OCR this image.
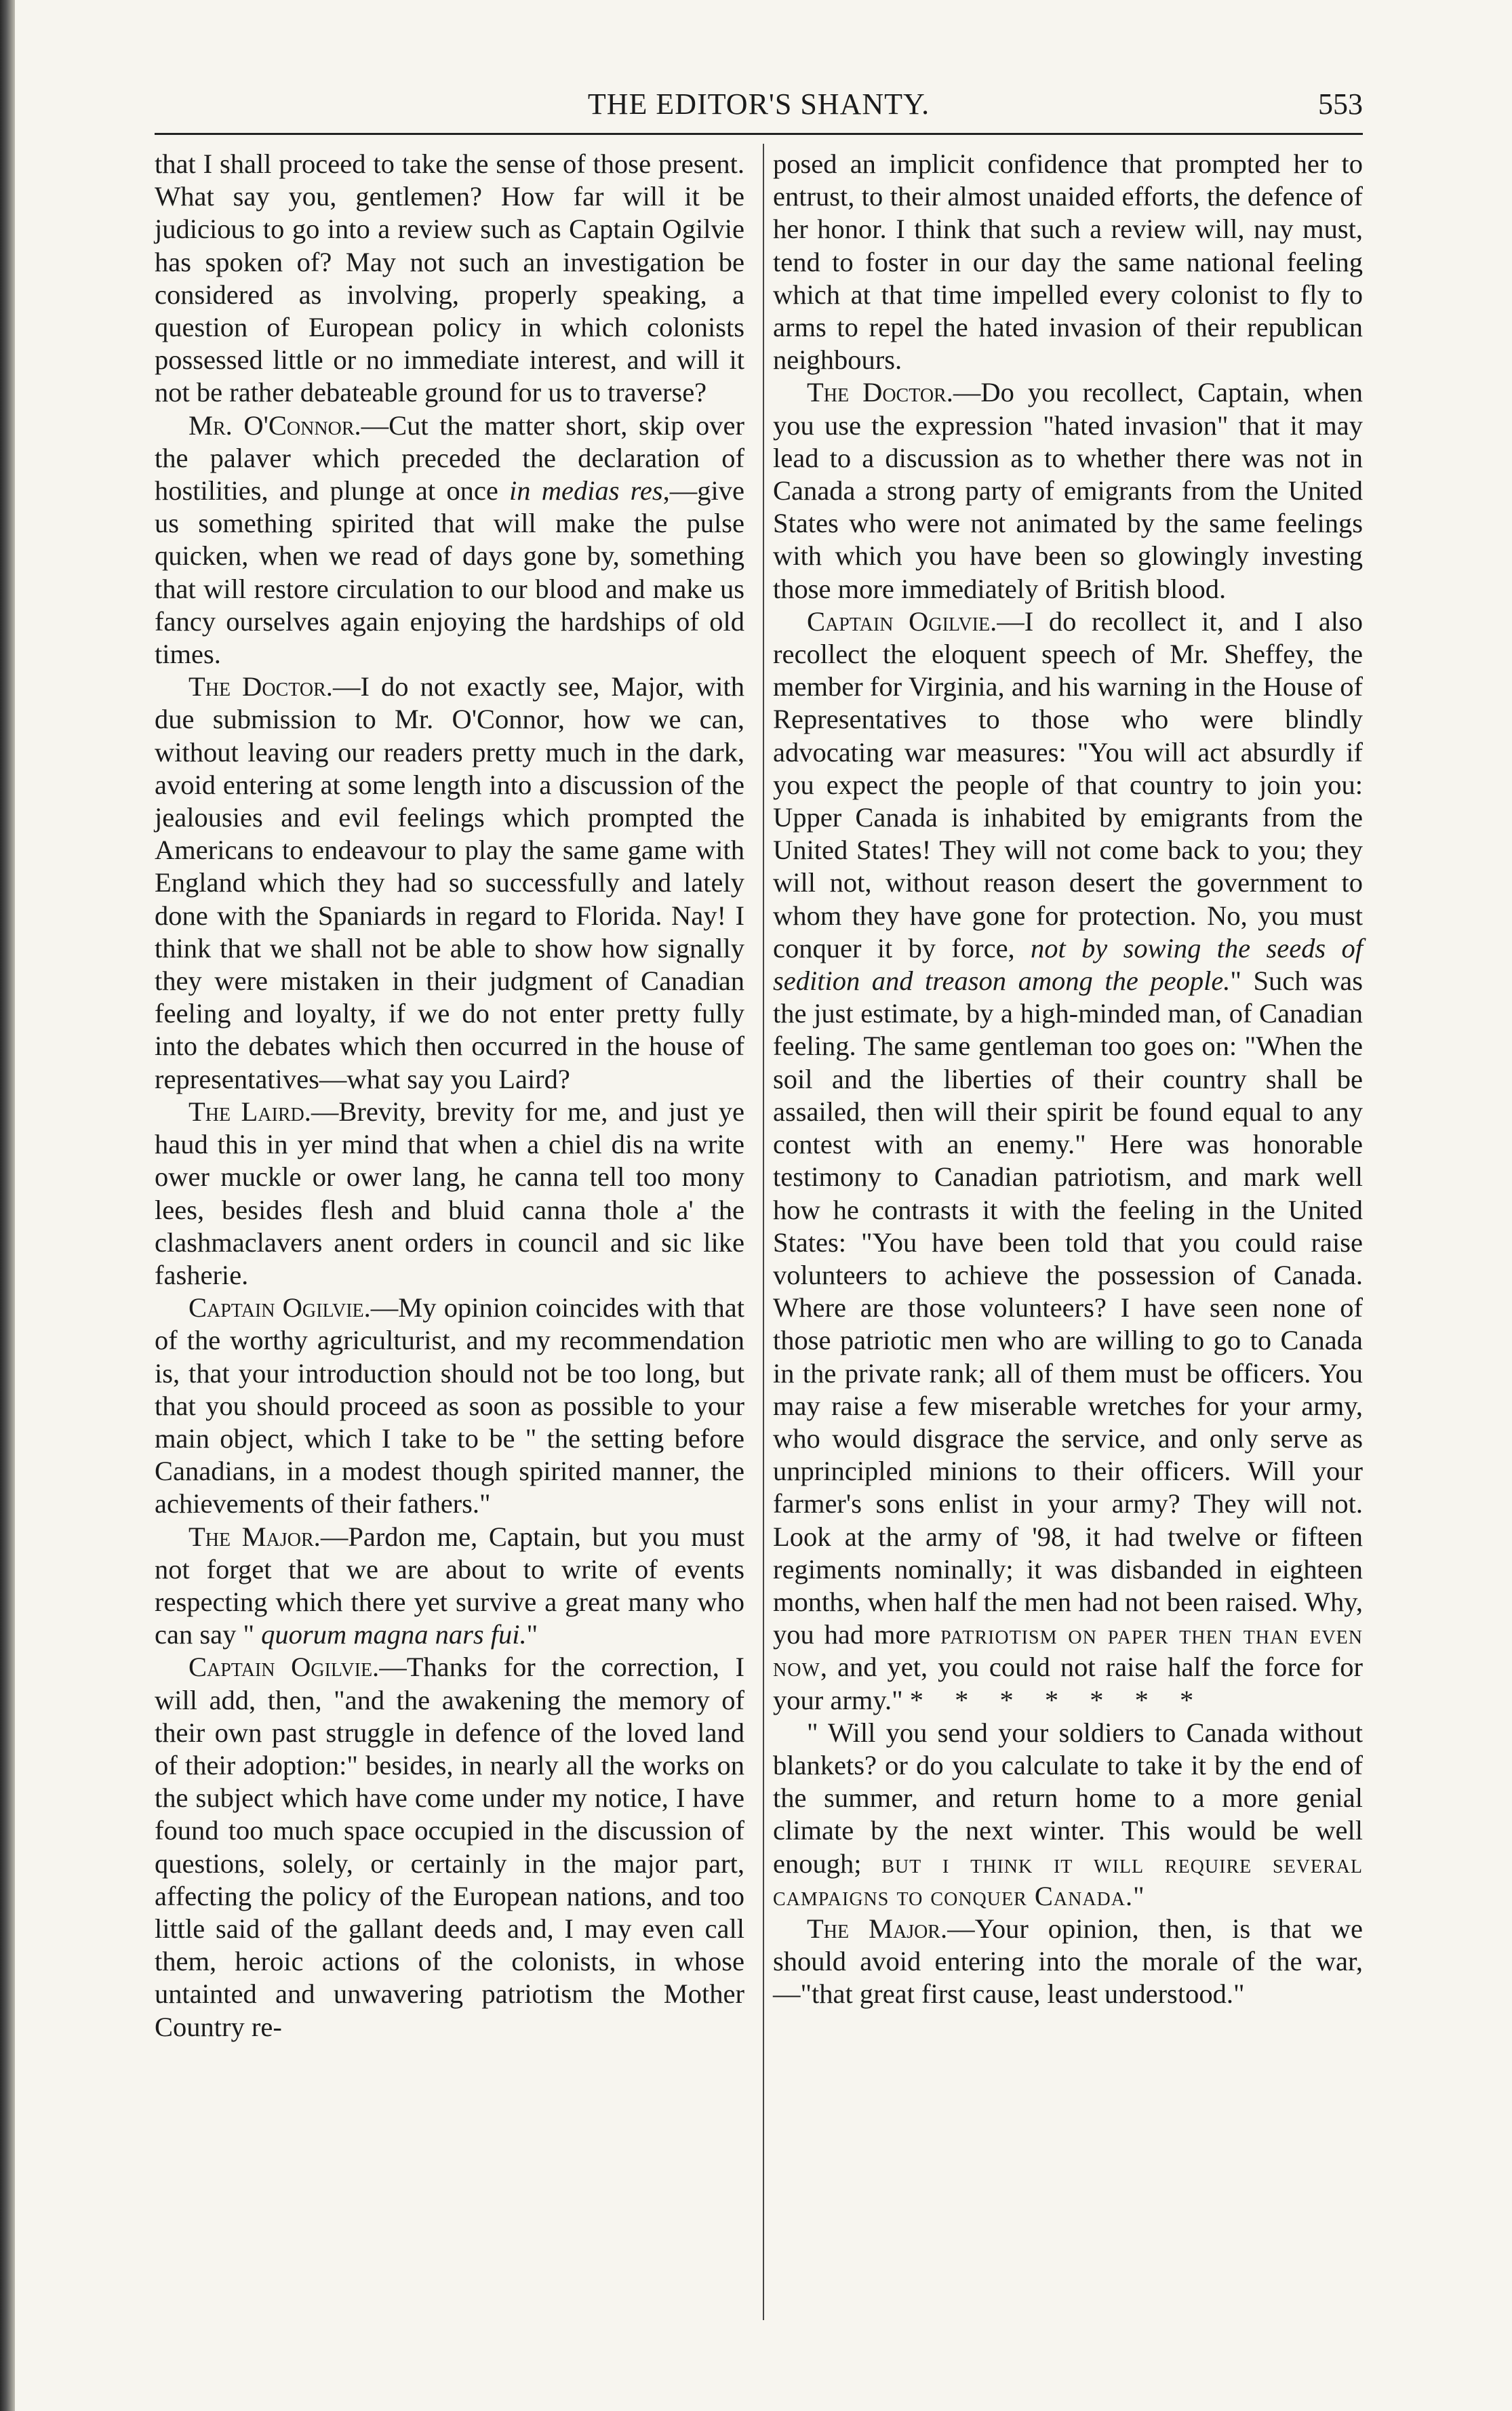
THE EDITOR'S SHANTY.	553

that I shall proceed to take the sense of those present. What say you, gentlemen? How far will it be judicious to go into a review such as Captain Ogilvie has spoken of? May not such an investigation be considered as involving, properly speaking, a question of European policy in which colonists possessed little or no immediate interest, and will it not be rather debateable ground for us to traverse?

Mr. O'Connor.—Cut the matter short, skip over the palaver which preceded the declaration of hostilities, and plunge at once in medias res,—give us something spirited that will make the pulse quicken, when we read of days gone by, something that will restore circulation to our blood and make us fancy ourselves again enjoying the hardships of old times.

The Doctor.—I do not exactly see, Major, with due submission to Mr. O'Connor, how we can, without leaving our readers pretty much in the dark, avoid entering at some length into a discussion of the jealousies and evil feelings which prompted the Americans to endeavour to play the same game with England which they had so successfully and lately done with the Spaniards in regard to Florida. Nay! I think that we shall not be able to show how signally they were mistaken in their judgment of Canadian feeling and loyalty, if we do not enter pretty fully into the debates which then occurred in the house of representatives—what say you Laird?

The Laird.—Brevity, brevity for me, and just ye haud this in yer mind that when a chiel dis na write ower muckle or ower lang, he canna tell too mony lees, besides flesh and bluid canna thole a' the clashmaclavers anent orders in council and sic like fasherie.

Captain Ogilvie.—My opinion coincides with that of the worthy agriculturist, and my recommendation is, that your introduction should not be too long, but that you should proceed as soon as possible to your main object, which I take to be " the setting before Canadians, in a modest though spirited manner, the achievements of their fathers."

The Major.—Pardon me, Captain, but you must not forget that we are about to write of events respecting which there yet survive a great many who can say " quorum magna nars fui."

Captain Ogilvie.—Thanks for the correction, I will add, then, "and the awakening the memory of their own past struggle in defence of the loved land of their adoption:" besides, in nearly all the works on the subject which have come under my notice, I have found too much space occupied in the discussion of questions, solely, or certainly in the major part, affecting the policy of the European nations, and too little said of the gallant deeds and, I may even call them, heroic actions of the colonists, in whose untainted and unwavering patriotism the Mother Country re-

posed an implicit confidence that prompted her to entrust, to their almost unaided efforts, the defence of her honor. I think that such a review will, nay must, tend to foster in our day the same national feeling which at that time impelled every colonist to fly to arms to repel the hated invasion of their republican neighbours.

The Doctor.—Do you recollect, Captain, when you use the expression "hated invasion" that it may lead to a discussion as to whether there was not in Canada a strong party of emigrants from the United States who were not animated by the same feelings with which you have been so glowingly investing those more immediately of British blood.

Captain Ogilvie.—I do recollect it, and I also recollect the eloquent speech of Mr. Sheffey, the member for Virginia, and his warning in the House of Representatives to those who were blindly advocating war measures: "You will act absurdly if you expect the people of that country to join you: Upper Canada is inhabited by emigrants from the United States! They will not come back to you; they will not, without reason desert the government to whom they have gone for protection. No, you must conquer it by force, not by sowing the seeds of sedition and treason among the people." Such was the just estimate, by a high-minded man, of Canadian feeling. The same gentleman too goes on: "When the soil and the liberties of their country shall be assailed, then will their spirit be found equal to any contest with an enemy." Here was honorable testimony to Canadian patriotism, and mark well how he contrasts it with the feeling in the United States: "You have been told that you could raise volunteers to achieve the possession of Canada. Where are those volunteers? I have seen none of those patriotic men who are willing to go to Canada in the private rank; all of them must be officers. You may raise a few miserable wretches for your army, who would disgrace the service, and only serve as unprincipled minions to their officers. Will your farmer's sons enlist in your army? They will not. Look at the army of '98, it had twelve or fifteen regiments nominally; it was disbanded in eighteen months, when half the men had not been raised. Why, you had more patriotism on paper then than even now, and yet, you could not raise half the force for your army." * * * * * * *

" Will you send your soldiers to Canada without blankets? or do you calculate to take it by the end of the summer, and return home to a more genial climate by the next winter. This would be well enough; but i think it will require several campaigns to conquer Canada."

The Major.—Your opinion, then, is that we should avoid entering into the morale of the war,—"that great first cause, least understood."
